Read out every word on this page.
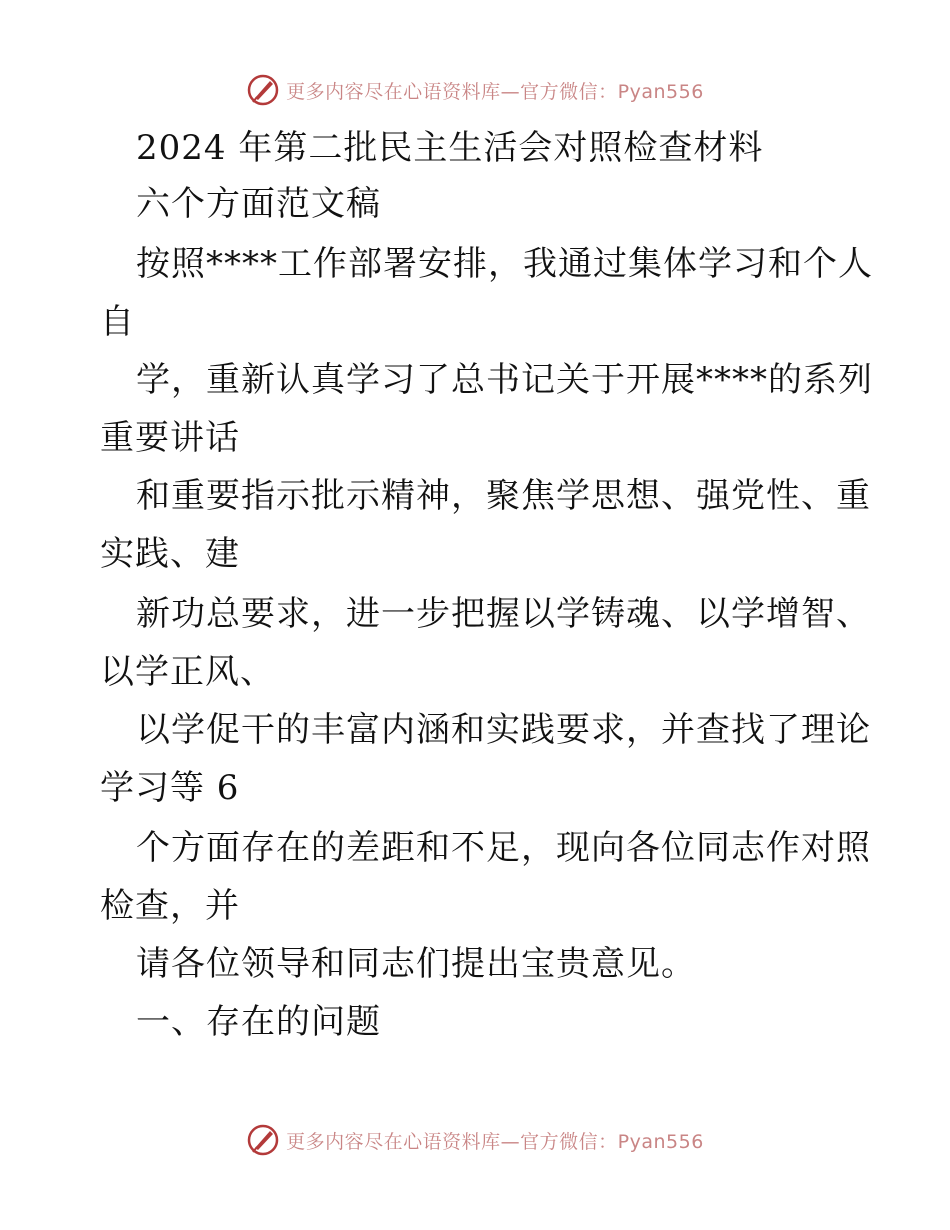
更多内容尽在心语资料库—官方微信：Pyan556
2024 年第二批民主生活会对照检查材料
六个方面范文稿
按照****工作部署安排，我通过集体学习和个人
自
学，重新认真学习了总书记关于开展****的系列
重要讲话
和重要指示批示精神，聚焦学思想、强党性、重
实践、建
新功总要求，进一步把握以学铸魂、以学增智、
以学正风、
以学促干的丰富内涵和实践要求，并查找了理论
学习等 6
个方面存在的差距和不足，现向各位同志作对照
检查，并
请各位领导和同志们提出宝贵意见。
一、存在的问题
更多内容尽在心语资料库—官方微信：Pyan556
